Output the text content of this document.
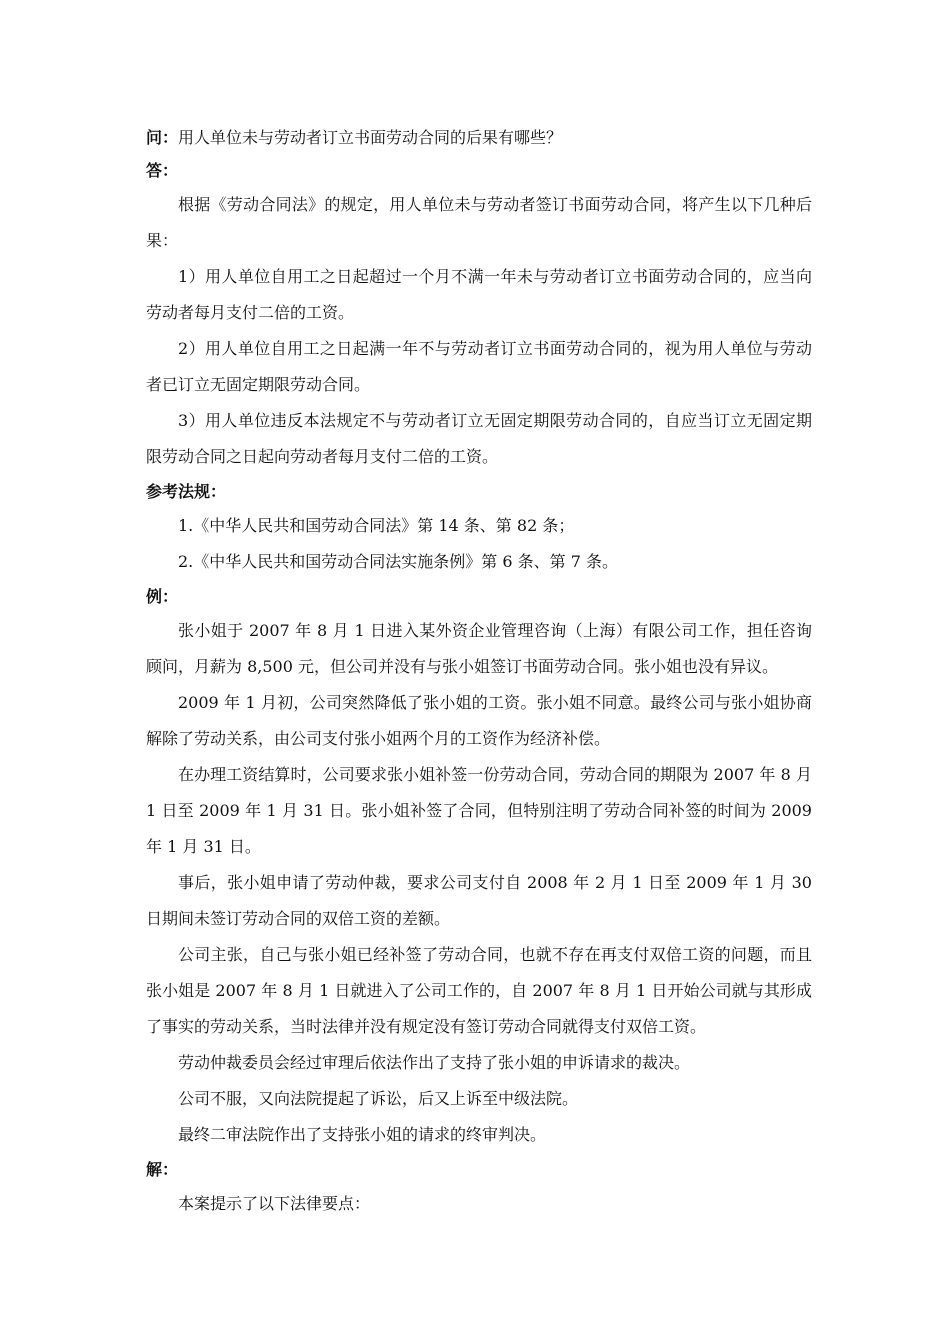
问：用人单位未与劳动者订立书面劳动合同的后果有哪些？
答：

根据《劳动合同法》的规定，用人单位未与劳动者签订书面劳动合同，将产生以下几种后果：

1）用人单位自用工之日起超过一个月不满一年未与劳动者订立书面劳动合同的，应当向劳动者每月支付二倍的工资。

2）用人单位自用工之日起满一年不与劳动者订立书面劳动合同的，视为用人单位与劳动者已订立无固定期限劳动合同。

3）用人单位违反本法规定不与劳动者订立无固定期限劳动合同的，自应当订立无固定期限劳动合同之日起向劳动者每月支付二倍的工资。

参考法规：

1.《中华人民共和国劳动合同法》第 14 条、第 82 条；

2.《中华人民共和国劳动合同法实施条例》第 6 条、第 7 条。

例：

张小姐于 2007 年 8 月 1 日进入某外资企业管理咨询（上海）有限公司工作，担任咨询顾问，月薪为 8,500 元，但公司并没有与张小姐签订书面劳动合同。张小姐也没有异议。

2009 年 1 月初，公司突然降低了张小姐的工资。张小姐不同意。最终公司与张小姐协商解除了劳动关系，由公司支付张小姐两个月的工资作为经济补偿。

在办理工资结算时，公司要求张小姐补签一份劳动合同，劳动合同的期限为 2007 年 8 月 1 日至 2009 年 1 月 31 日。张小姐补签了合同，但特别注明了劳动合同补签的时间为 2009 年 1 月 31 日。

事后，张小姐申请了劳动仲裁，要求公司支付自 2008 年 2 月 1 日至 2009 年 1 月 30 日期间未签订劳动合同的双倍工资的差额。

公司主张，自己与张小姐已经补签了劳动合同，也就不存在再支付双倍工资的问题，而且张小姐是 2007 年 8 月 1 日就进入了公司工作的，自 2007 年 8 月 1 日开始公司就与其形成了事实的劳动关系，当时法律并没有规定没有签订劳动合同就得支付双倍工资。

劳动仲裁委员会经过审理后依法作出了支持了张小姐的申诉请求的裁决。

公司不服，又向法院提起了诉讼，后又上诉至中级法院。

最终二审法院作出了支持张小姐的请求的终审判决。

解：

本案提示了以下法律要点：
